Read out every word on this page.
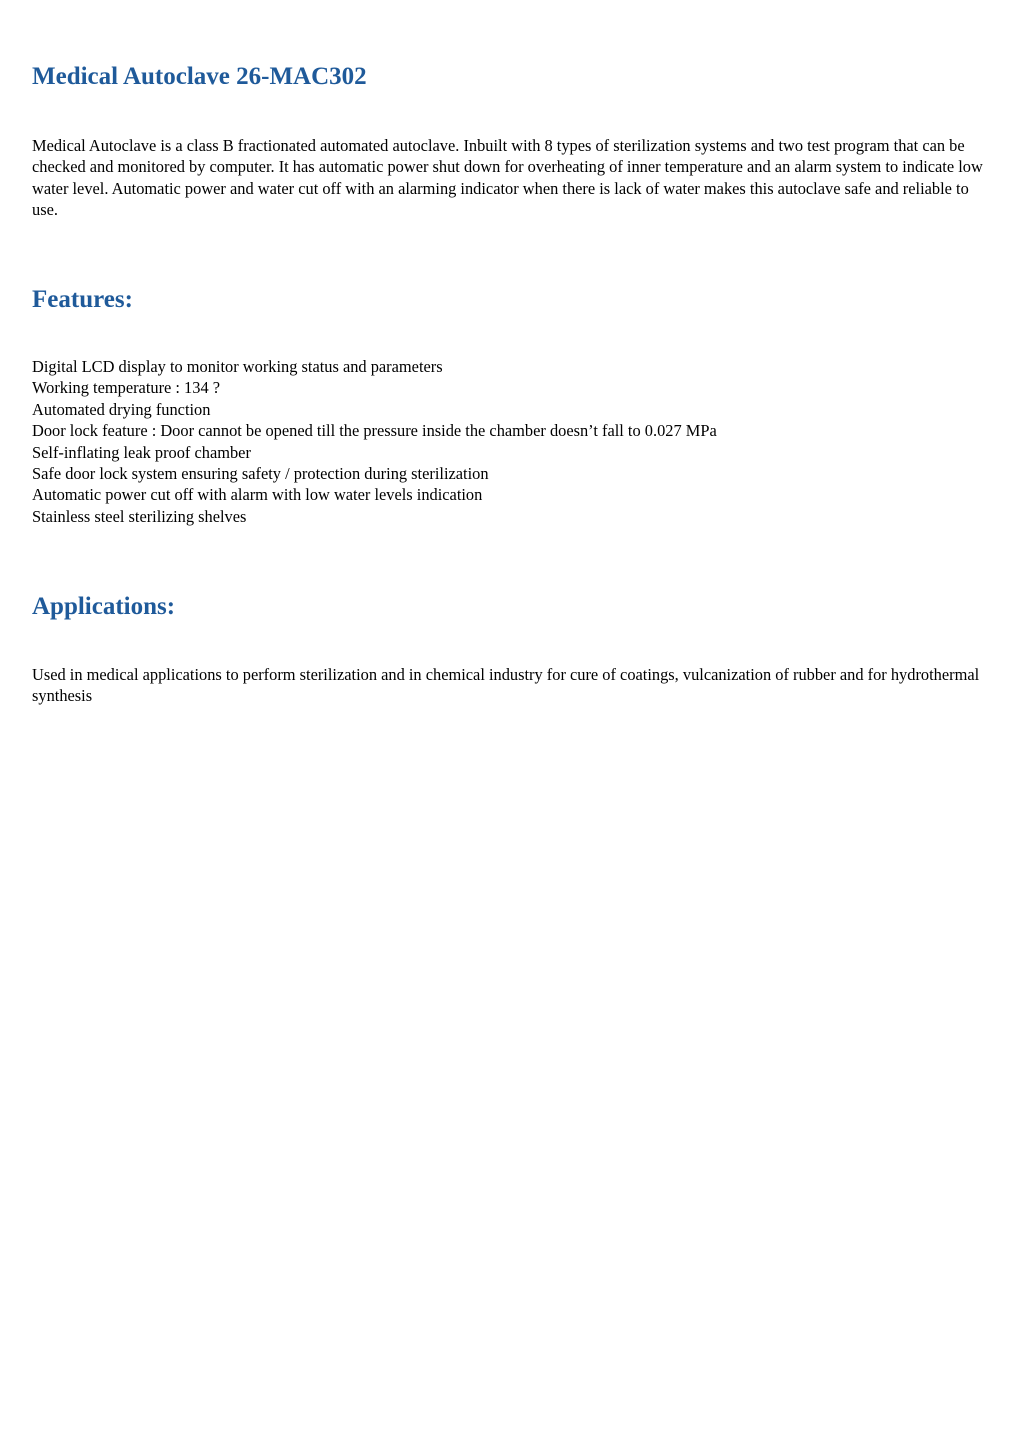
Medical Autoclave 26-MAC302

Medical Autoclave is a class B fractionated automated autoclave. Inbuilt with 8 types of sterilization systems and two test program that can be checked and monitored by computer. It has automatic power shut down for overheating of inner temperature and an alarm system to indicate low water level. Automatic power and water cut off with an alarming indicator when there is lack of water makes this autoclave safe and reliable to use.

Features:
Digital LCD display to monitor working status and parameters
Working temperature : 134 ?
Automated drying function
Door lock feature : Door cannot be opened till the pressure inside the chamber doesn’t fall to 0.027 MPa
Self-inflating leak proof chamber
Safe door lock system ensuring safety / protection during sterilization
Automatic power cut off with alarm with low water levels indication
Stainless steel sterilizing shelves
Applications:

Used in medical applications to perform sterilization and in chemical industry for cure of coatings, vulcanization of rubber and for hydrothermal synthesis
